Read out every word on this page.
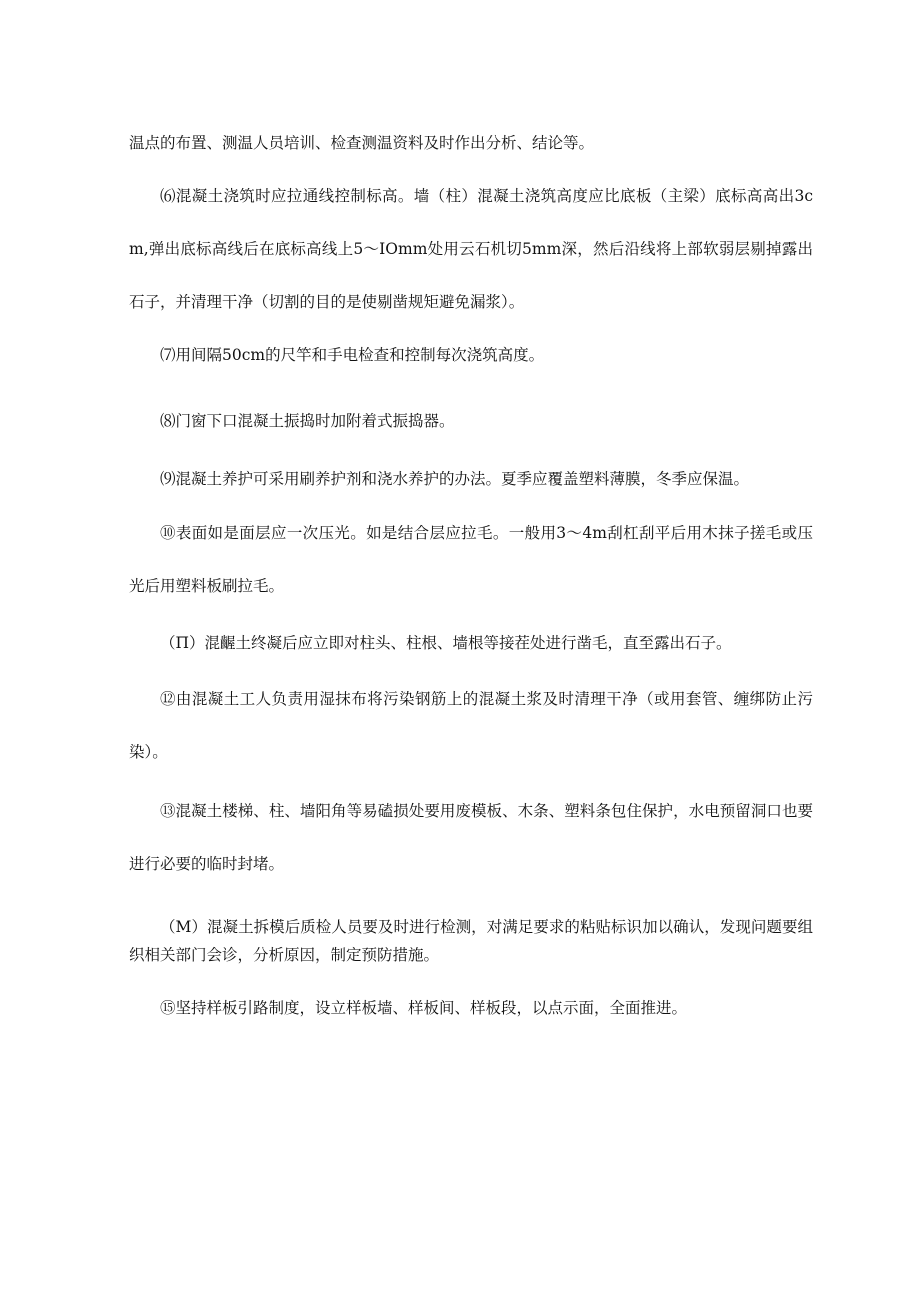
温点的布置、测温人员培训、检查测温资料及时作出分析、结论等。

⑹混凝土浇筑时应拉通线控制标高。墙（柱）混凝土浇筑高度应比底板（主梁）底标高高出3cm,弹出底标高线后在底标高线上5～IOmm处用云石机切5mm深，然后沿线将上部软弱层剔掉露出石子，并清理干净（切割的目的是使剔凿规矩避免漏浆）。

⑺用间隔50cm的尺竿和手电检查和控制每次浇筑高度。

⑻门窗下口混凝土振捣时加附着式振捣器。

⑼混凝土养护可采用刷养护剂和浇水养护的办法。夏季应覆盖塑料薄膜，冬季应保温。

⑩表面如是面层应一次压光。如是结合层应拉毛。一般用3～4m刮杠刮平后用木抹子搓毛或压光后用塑料板刷拉毛。

（Π）混齷土终凝后应立即对柱头、柱根、墙根等接茬处进行凿毛，直至露出石子。

⑫由混凝土工人负责用湿抹布将污染钢筋上的混凝土浆及时清理干净（或用套管、缠绑防止污染）。

⑬混凝土楼梯、柱、墙阳角等易磕损处要用废模板、木条、塑料条包住保护，水电预留洞口也要进行必要的临时封堵。

（M）混凝土拆模后质检人员要及时进行检测，对满足要求的粘贴标识加以确认，发现问题要组织相关部门会诊，分析原因，制定预防措施。

⑮坚持样板引路制度，设立样板墙、样板间、样板段，以点示面，全面推进。
